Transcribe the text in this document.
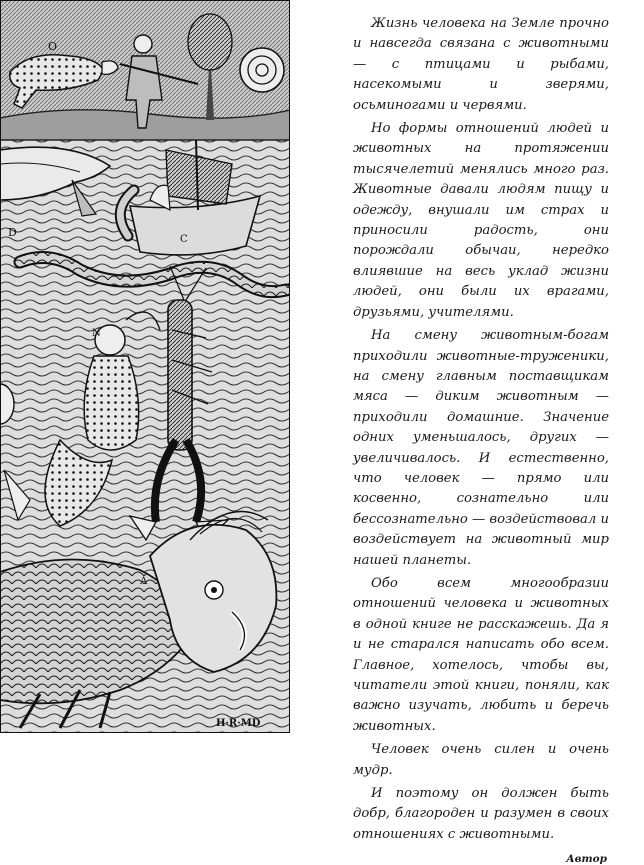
O
D
C
N
A
H·R·MD

Жизнь человека на Земле прочно и навсегда связана с животными — с птицами и рыбами, насекомыми и зверями, осьминогами и червями.

Но формы отношений людей и животных на протяжении тысячелетий менялись много раз. Животные давали людям пищу и одежду, внушали им страх и приносили радость, они порождали обычаи, нередко влиявшие на весь уклад жизни людей, они были их врагами, друзьями, учителями.

На смену животным-богам приходили животные-труженики, на смену главным поставщикам мяса — диким животным — приходили домашние. Значение одних уменьшалось, других — увеличивалось. И естественно, что человек — прямо или косвенно, сознательно или бессознательно — воздействовал и воздействует на животный мир нашей планеты.

Обо всем многообразии отношений человека и животных в одной книге не расскажешь. Да я и не старался написать обо всем. Главное, хотелось, чтобы вы, читатели этой книги, поняли, как важно изучать, любить и беречь животных.

Человек очень силен и очень мудр.

И поэтому он должен быть добр, благороден и разумен в своих отношениях с животными.

Автор
